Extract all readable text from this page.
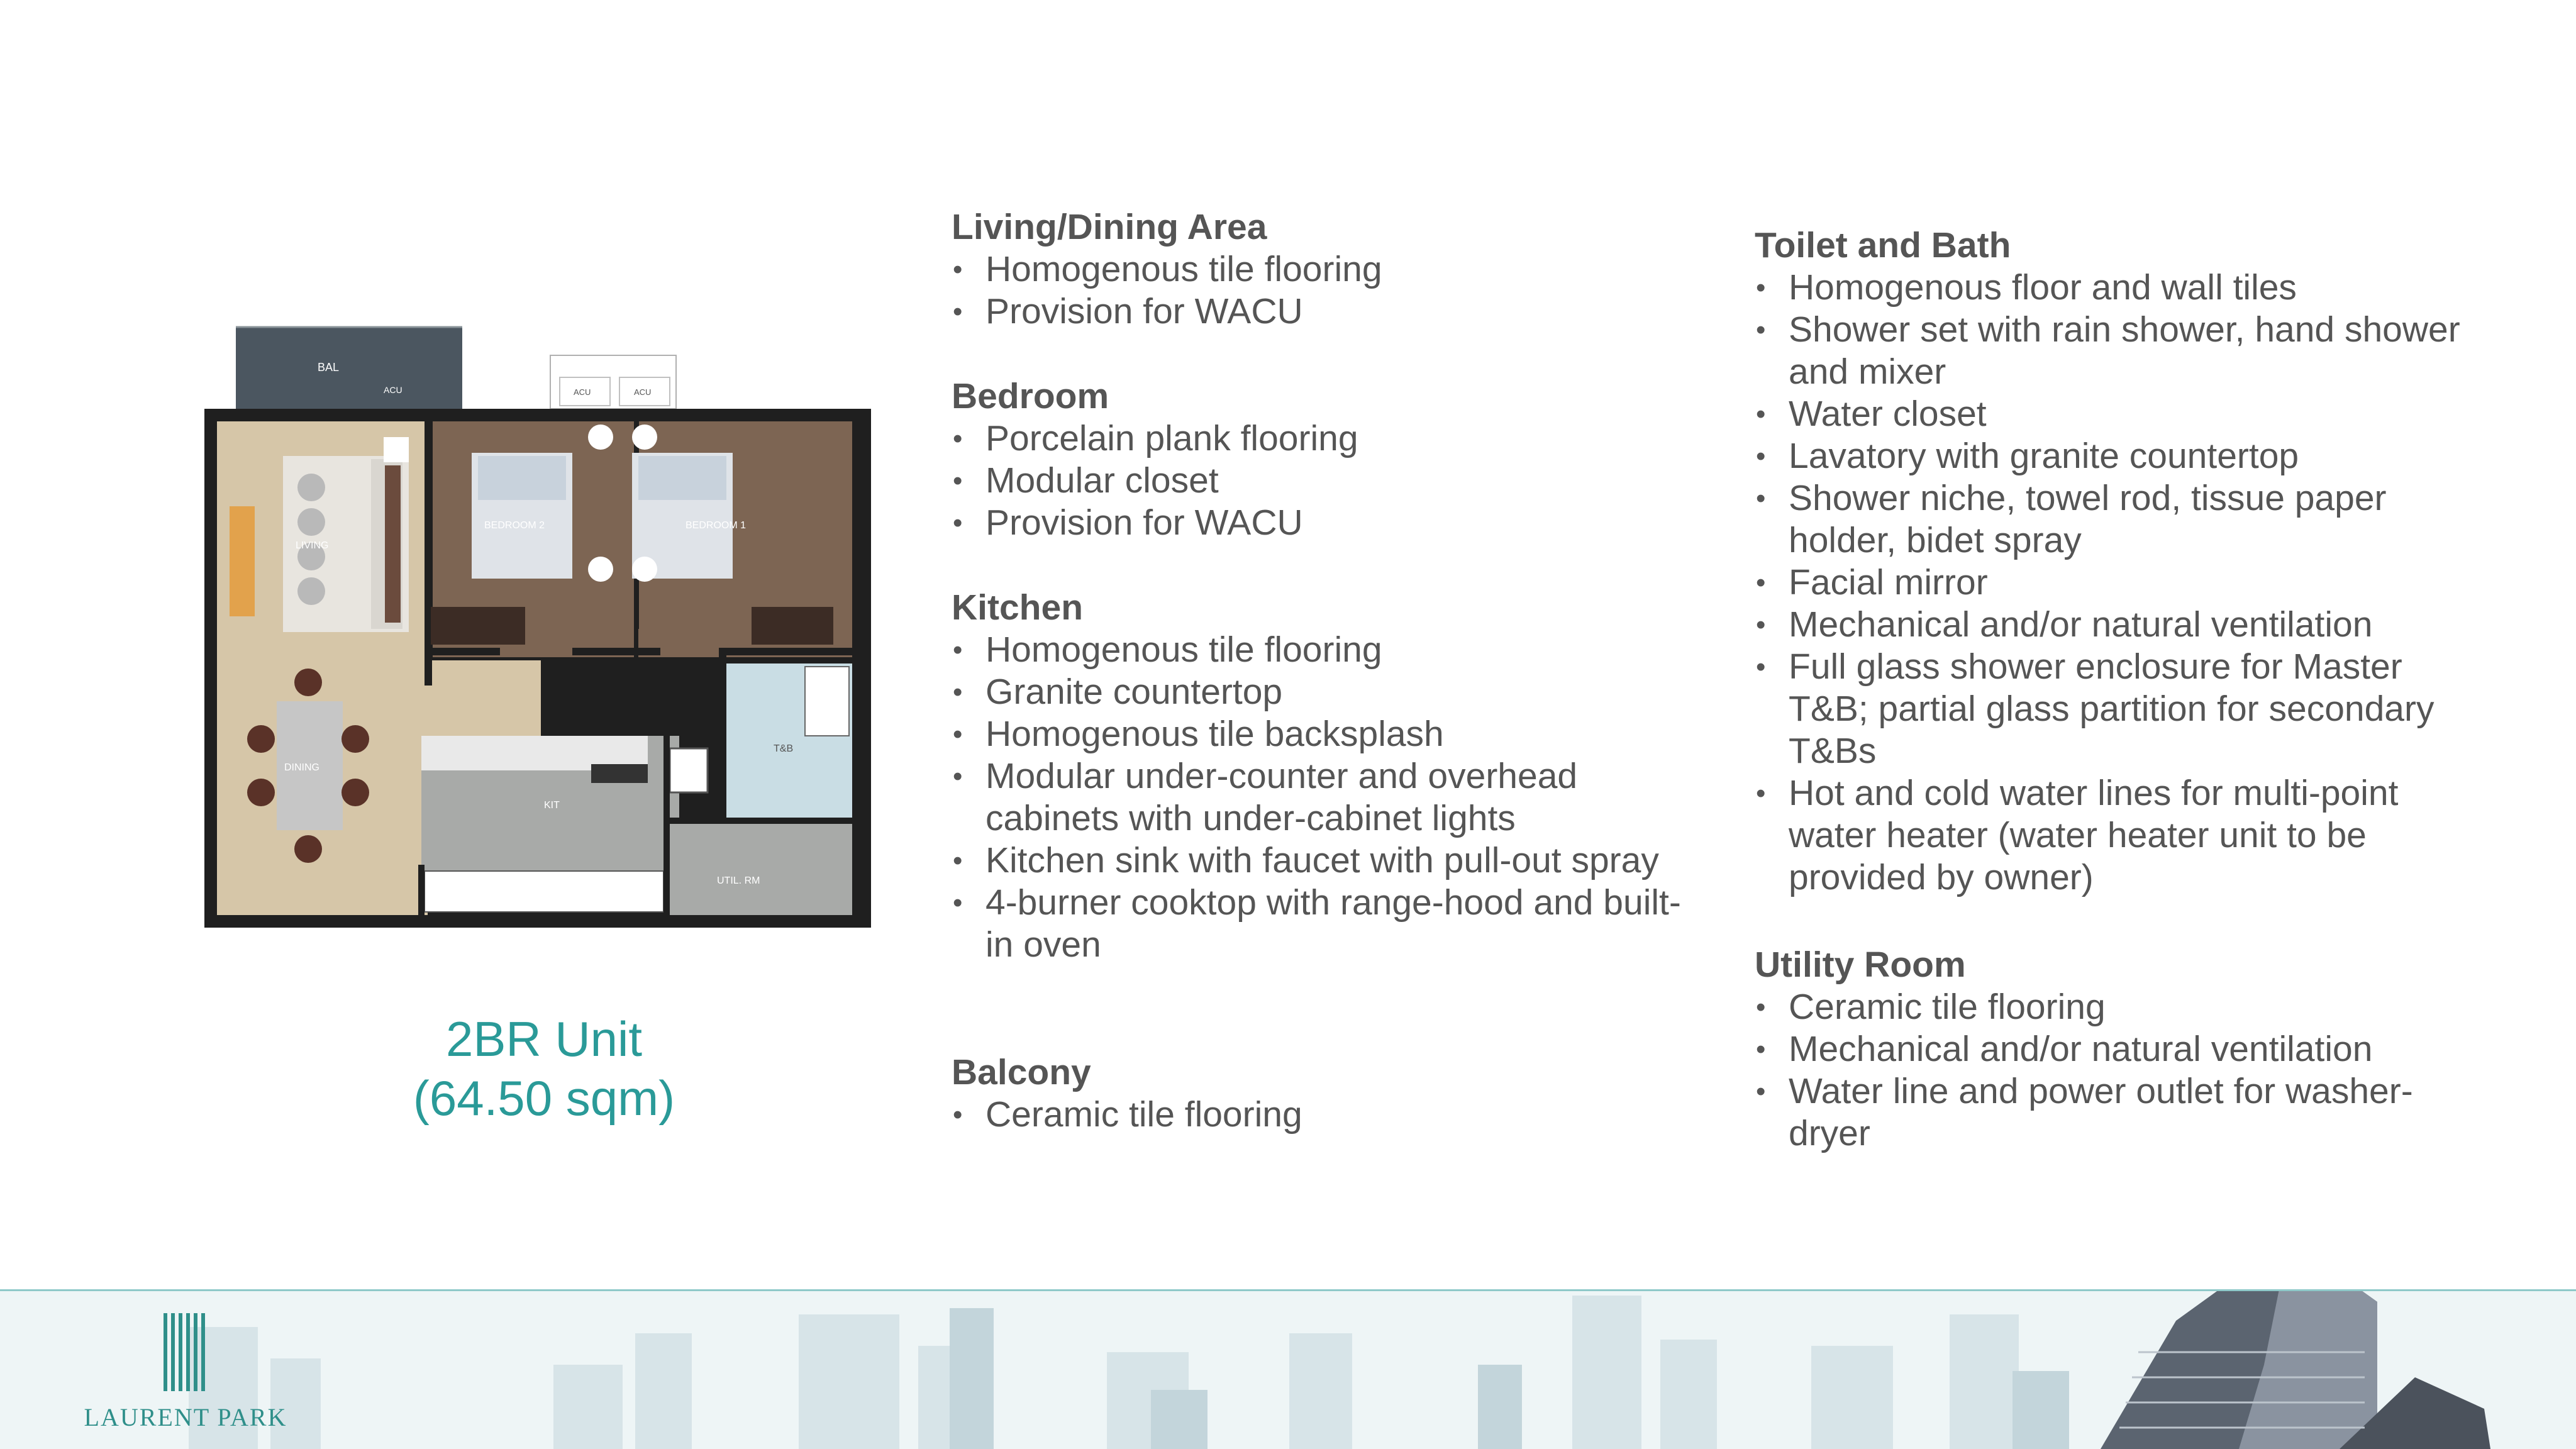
BAL
ACU	ACU	ACU
LIVING
DINING
BEDROOM 2	BEDROOM 1
KIT
T&B
UTIL. RM
2BR Unit
(64.50 sqm)
Living/Dining Area
• Homogenous tile flooring
• Provision for WACU
Bedroom
• Porcelain plank flooring
• Modular closet
• Provision for WACU
Kitchen
• Homogenous tile flooring
• Granite countertop
• Homogenous tile backsplash
• Modular under-counter and overhead cabinets with under-cabinet lights
• Kitchen sink with faucet with pull-out spray
• 4-burner cooktop with range-hood and built-in oven
Balcony
• Ceramic tile flooring
Toilet and Bath
• Homogenous floor and wall tiles
• Shower set with rain shower, hand shower and mixer
• Water closet
• Lavatory with granite countertop
• Shower niche, towel rod, tissue paper holder, bidet spray
• Facial mirror
• Mechanical and/or natural ventilation
• Full glass shower enclosure for Master T&B; partial glass partition for secondary T&Bs
• Hot and cold water lines for multi-point water heater (water heater unit to be provided by owner)
Utility Room
• Ceramic tile flooring
• Mechanical and/or natural ventilation
• Water line and power outlet for washer-dryer
LAURENT PARK
